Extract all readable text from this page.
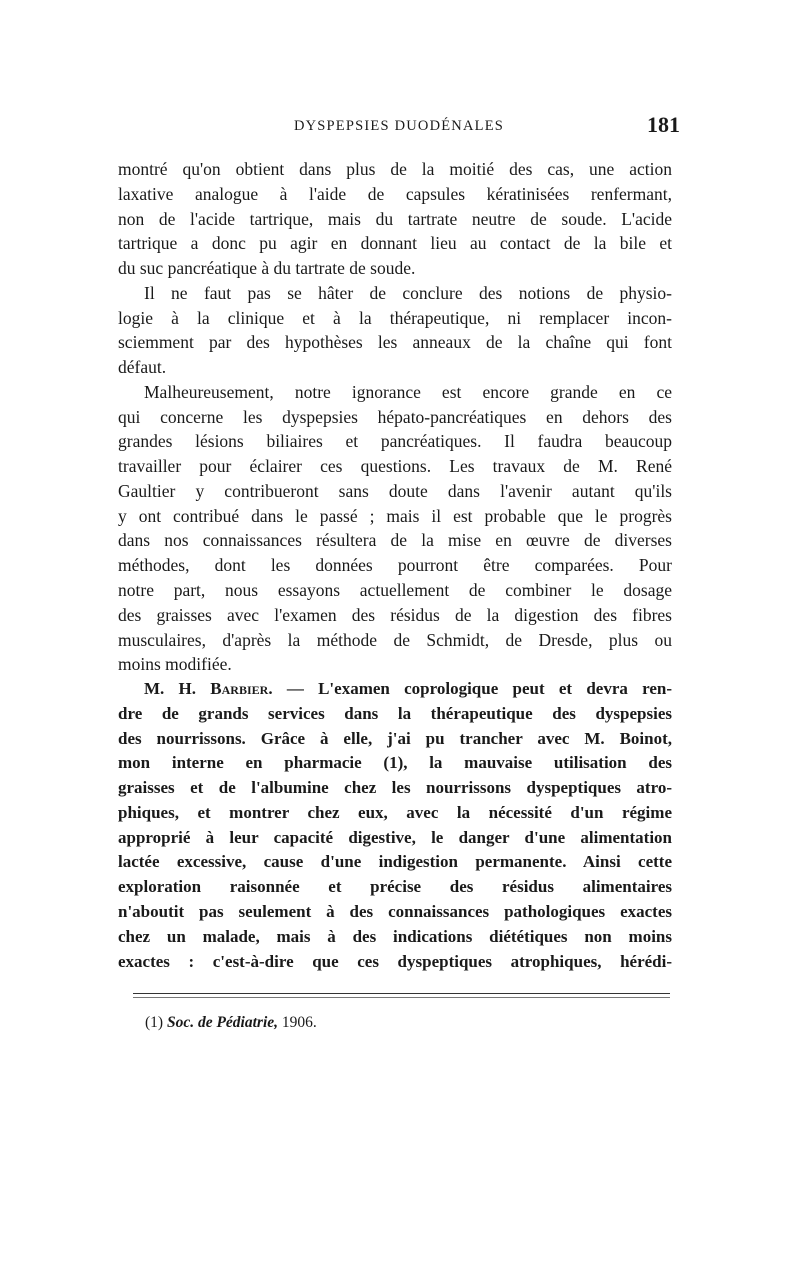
DYSPEPSIES DUODÉNALES	181
montré qu'on obtient dans plus de la moitié des cas, une action
laxative analogue à l'aide de capsules kératinisées renfermant,
non de l'acide tartrique, mais du tartrate neutre de soude. L'acide
tartrique a donc pu agir en donnant lieu au contact de la bile et
du suc pancréatique à du tartrate de soude.
Il ne faut pas se hâter de conclure des notions de physio-
logie à la clinique et à la thérapeutique, ni remplacer incon-
sciemment par des hypothèses les anneaux de la chaîne qui font
défaut.
Malheureusement, notre ignorance est encore grande en ce
qui concerne les dyspepsies hépato-pancréatiques en dehors des
grandes lésions biliaires et pancréatiques. Il faudra beaucoup
travailler pour éclairer ces questions. Les travaux de M. René
Gaultier y contribueront sans doute dans l'avenir autant qu'ils
y ont contribué dans le passé ; mais il est probable que le progrès
dans nos connaissances résultera de la mise en œuvre de diverses
méthodes, dont les données pourront être comparées. Pour
notre part, nous essayons actuellement de combiner le dosage
des graisses avec l'examen des résidus de la digestion des fibres
musculaires, d'après la méthode de Schmidt, de Dresde, plus ou
moins modifiée.
M. H. Barbier. — L'examen coprologique peut et devra ren-
dre de grands services dans la thérapeutique des dyspepsies
des nourrissons. Grâce à elle, j'ai pu trancher avec M. Boinot,
mon interne en pharmacie (1), la mauvaise utilisation des
graisses et de l'albumine chez les nourrissons dyspeptiques atro-
phiques, et montrer chez eux, avec la nécessité d'un régime
approprié à leur capacité digestive, le danger d'une alimentation
lactée excessive, cause d'une indigestion permanente. Ainsi cette
exploration raisonnée et précise des résidus alimentaires
n'aboutit pas seulement à des connaissances pathologiques exactes
chez un malade, mais à des indications diététiques non moins
exactes : c'est-à-dire que ces dyspeptiques atrophiques, hérédi-
(1) Soc. de Pédiatrie, 1906.
